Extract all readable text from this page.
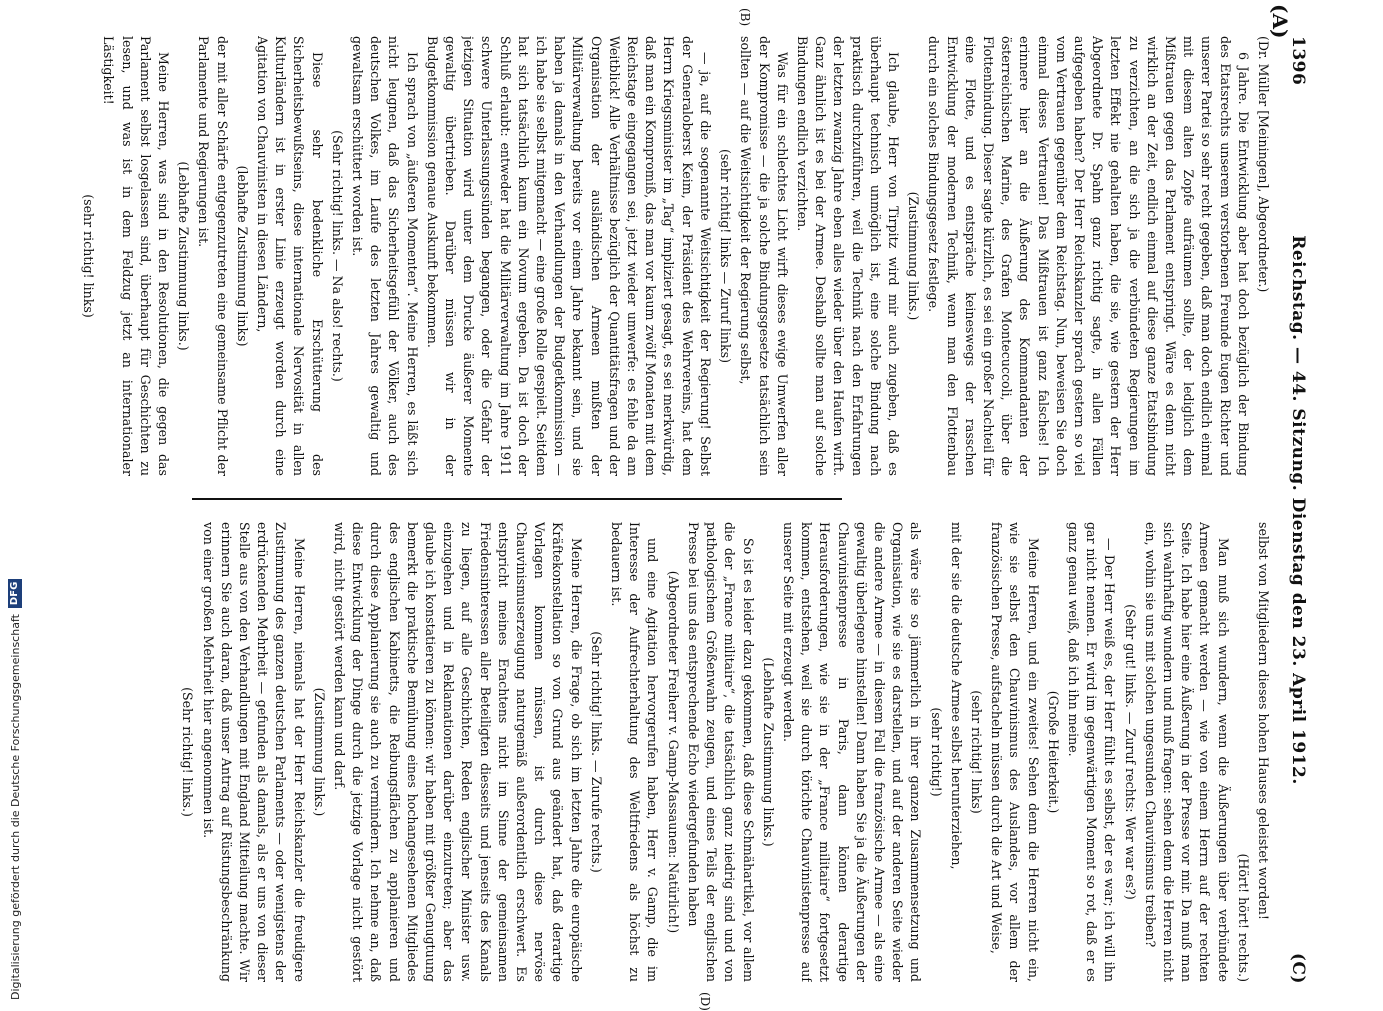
1396
Reichstag. — 44. Sitzung. Dienstag den 23. April 1912.
(C)
(A)
(B)
(D)

(Dr. Müller [Meiningen], Abgeordneter.)

6 Jahre. Die Entwicklung aber hat doch bezüglich der Bindung des Etatsrechts unserem verstorbenen Freunde Eugen Richter und unserer Partei so sehr recht gegeben, daß man doch endlich einmal mit diesem alten Zopfe aufräumen sollte, der lediglich dem Mißtrauen gegen das Parlament entspringt. Wäre es denn nicht wirklich an der Zeit, endlich einmal auf diese ganze Etatsbindung zu verzichten, an die sich ja die verbündeten Regierungen im letzten Effekt nie gehalten haben, die sie, wie gestern der Herr Abgeordnete Dr. Spahn ganz richtig sagte, in allen Fällen aufgegeben haben? Der Herr Reichskanzler sprach gestern so viel vom Vertrauen gegenüber dem Reichstag. Nun, beweisen Sie doch einmal dieses Vertrauen! Das Mißtrauen ist ganz falsches! Ich erinnere hier an die Äußerung des Kommandanten der österreichischen Marine, des Grafen Montecuccoli, über die Flottenbindung. Dieser sagte kürzlich, es sei ein großer Nachteil für eine Flotte, und es entspräche keineswegs der rasschen Entwicklung der modernen Technik, wenn man den Flottenbau durch ein solches Bindungsgesetz festlege.

(Zustimmung links.)

Ich glaube, Herr von Tirpitz wird mir auch zugeben, daß es überhaupt technisch unmöglich ist, eine solche Bindung nach praktisch durchzuführen, weil die Technik nach den Erfahrungen der letzten zwanzig Jahre eben alles wieder über den Haufen wirft. Ganz ähnlich ist es bei der Armee. Deshalb sollte man auf solche Bindungen endlich verzichten.

Was für ein schlechtes Licht wirft dieses ewige Umwerfen aller der Kompromisse — die ja solche Bindungsgesetze tatsächlich sein sollten — auf die Weitsichtigkeit der Regierung selbst,

(sehr richtig! links — Zuruf links)

— ja, auf die sogenannte Weitsichtigkeit der Regierung! Selbst der Generaloberst Keim, der Präsident des Wehrvereins, hat dem Herrn Kriegsminister im „Tag“ impliziert gesagt, es sei merkwürdig, daß man ein Kompromiß, das man vor kaum zwölf Monaten mit dem Reichstage eingegangen sei, jetzt wieder umwerfe: es fehle da am Weitblick! Alle Verhältnisse bezüglich der Quantitätsfragen und der Organisation der ausländischen Armeen mußten der Militärverwaltung bereits vor einem Jahre bekannt sein, und sie haben ja damals in den Verhandlungen der Budgetkommission — ich habe sie selbst mitgemacht — eine große Rolle gespielt. Seitdem hat sich tatsächlich kaum ein Novum ergeben. Da ist doch der Schluß erlaubt: entweder hat die Militärverwaltung im Jahre 1911 schwere Unterlassungssünden begangen, oder die Gefahr der jetzigen Situation wird unter dem Drucke äußerer Momente gewaltig übertrieben. Darüber müssen wir in der Budgetkommission genaue Auskunft bekommen.

Ich sprach von „äußeren Momenten“. Meine Herren, es läßt sich nicht leugnen, daß das Sicherheitsgefühl der Völker, auch des deutschen Volkes, im Laufe des letzten Jahres gewaltig und gewaltsam erschüttert worden ist.

(Sehr richtig! links. — Na also! rechts.)

Diese sehr bedenkliche Erschütterung des Sicherheitsbewußtseins, diese internationale Nervosität in allen Kulturländern ist in erster Linie erzeugt worden durch eine Agitation von Chauvinisten in diesen Ländern,

(lebhafte Zustimmung links)

der mit aller Schärfe entgegenzutreten eine gemeinsame Pflicht der Parlamente und Regierungen ist.

(Lebhafte Zustimmung links.)

Meine Herren, was sind in den Resolutionen, die gegen das Parlament selbst losgelassen sind, überhaupt für Geschichten zu lesen, und was ist in dem Feldzug jetzt an internationaler Lästigkeit!

(sehr richtig! links)

selbst von Mitgliedern dieses hohen Hauses geleistet worden!

(Hört! hört! rechts.)

Man muß sich wundern, wenn die Äußerungen über verbündete Armeen gemacht werden — wie von einem Herrn auf der rechten Seite. Ich habe hier eine Äußerung in der Presse vor mir. Da muß man sich wahrhaftig wundern und muß fragen: sehen denn die Herren nicht ein, wohin sie uns mit solchen ungesunden Chauvinismus treiben?

(Sehr gut! links. — Zuruf rechts: Wer war es?)

— Der Herr weiß es, der Herr fühlt es selbst, der es war; ich will ihn gar nicht nennen. Er wird im gegenwärtigen Moment so rot, daß er es ganz genau weiß, daß ich ihn meine.

(Große Heiterkeit.)

Meine Herren, und ein zweites! Sehen denn die Herren nicht ein, wie sie selbst den Chauvinismus des Auslandes, vor allem der französischen Presse, aufstacheln müssen durch die Art und Weise,

(sehr richtig! links)

mit der sie die deutsche Armee selbst herunterziehen,

(sehr richtig!)

als wäre sie so jämmerlich in ihrer ganzen Zusammensetzung und Organisation, wie sie es darstellen, und auf der anderen Seite wieder die andere Armee — in diesem Fall die französische Armee — als eine gewaltig überlegene hinstellen! Dann haben Sie ja die Äußerungen der Chauvinistenpresse in Paris, dann können derartige Herausforderungen, wie sie in der „France militaire“ fortgesetzt kommen, entstehen, weil sie durch törichte Chauvinistenpresse auf unserer Seite mit erzeugt werden.

(Lebhafte Zustimmung links.)

So ist es leider dazu gekommen, daß diese Schmähartikel, vor allem die der „France militaire“, die tatsächlich ganz niedrig sind und von pathologischem Größenwahn zeugen, und eines Teils der englischen Presse bei uns das entsprechende Echo wiedergefunden haben

(Abgeordneter Freiherr v. Gamp-Massaunen: Natürlich!)

und eine Agitation hervorgerufen haben, Herr v. Gamp, die im Interesse der Aufrechterhaltung des Weltfriedens als höchst zu bedauern ist.

(Sehr richtig! links. — Zurufe rechts.)

Meine Herren, die Frage, ob sich im letzten Jahre die europäische Kräftekonstellation so von Grund aus geändert hat, daß derartige Vorlagen kommen müssen, ist durch diese nervöse Chauvinismuserzeugung naturgemäß außerordentlich erschwert. Es entspricht meines Erachtens nicht im Sinne der gemeinsamen Friedensinteressen aller Beteiligten diesseits und jenseits des Kanals zu liegen, auf alle Geschichten, Reden englischer Minister usw. einzugehen und in Reklamationen darüber einzutreten; aber das glaube ich konstatieren zu können: wir haben mit größter Genugtuung bemerkt die praktische Bemühung eines hochangesehenen Mitgliedes des englischen Kabinetts, die Reibungsflächen zu applanieren und durch diese Applanierung sie auch zu vermindern. Ich nehme an, daß diese Entwicklung der Dinge durch die jetzige Vorlage nicht gestört wird, nicht gestört werden kann und darf.

(Zustimmung links.)

Meine Herren, niemals hat der Herr Reichskanzler die freudigere Zustimmung des ganzen deutschen Parlaments — oder wenigstens der erdrückenden Mehrheit — gefunden als damals, als er uns von dieser Stelle aus von den Verhandlungen mit England Mitteilung machte. Wir erinnern Sie auch daran, daß unser Antrag auf Rüstungsbeschränkung von einer großen Mehrheit hier angenommen ist.

(Sehr richtig! links.)

Digitalisierung gefördert durch die Deutsche Forschungsgemeinschaft
DFG
